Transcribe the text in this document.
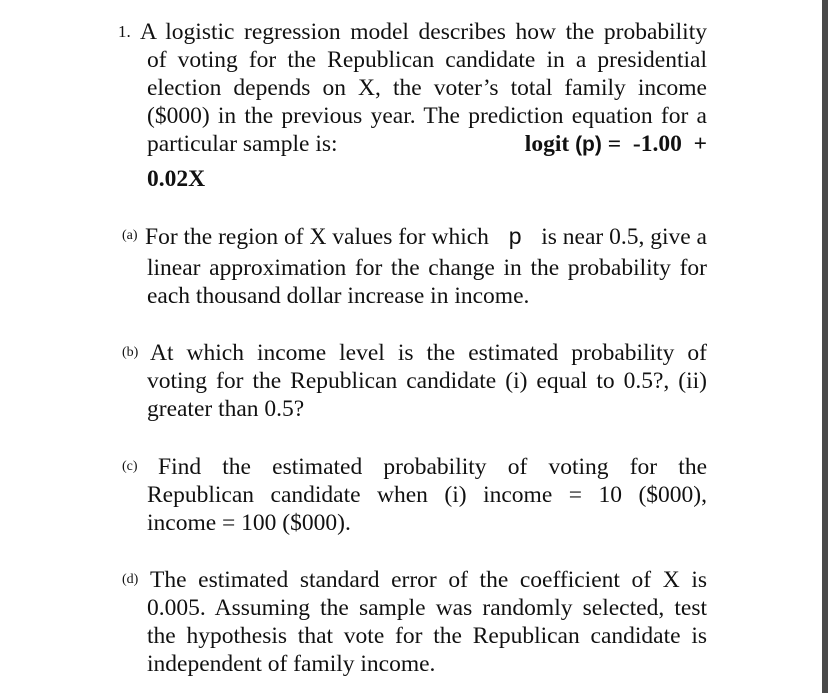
1. A logistic regression model describes how the probability
of voting for the Republican candidate in a presidential
election depends on X, the voter’s total family income
($000) in the previous year. The prediction equation for a
particular sample is:	logit (p) =  -1.00  +
0.02X
(a) For the region of X values for which p is near 0.5, give a
linear approximation for the change in the probability for
each thousand dollar increase in income.
(b) At which income level is the estimated probability of
voting for the Republican candidate (i) equal to 0.5?, (ii)
greater than 0.5?
(c) Find the estimated probability of voting for the
Republican candidate when (i) income = 10 ($000),
income = 100 ($000).
(d) The estimated standard error of the coefficient of X is
0.005. Assuming the sample was randomly selected, test
the hypothesis that vote for the Republican candidate is
independent of family income.
